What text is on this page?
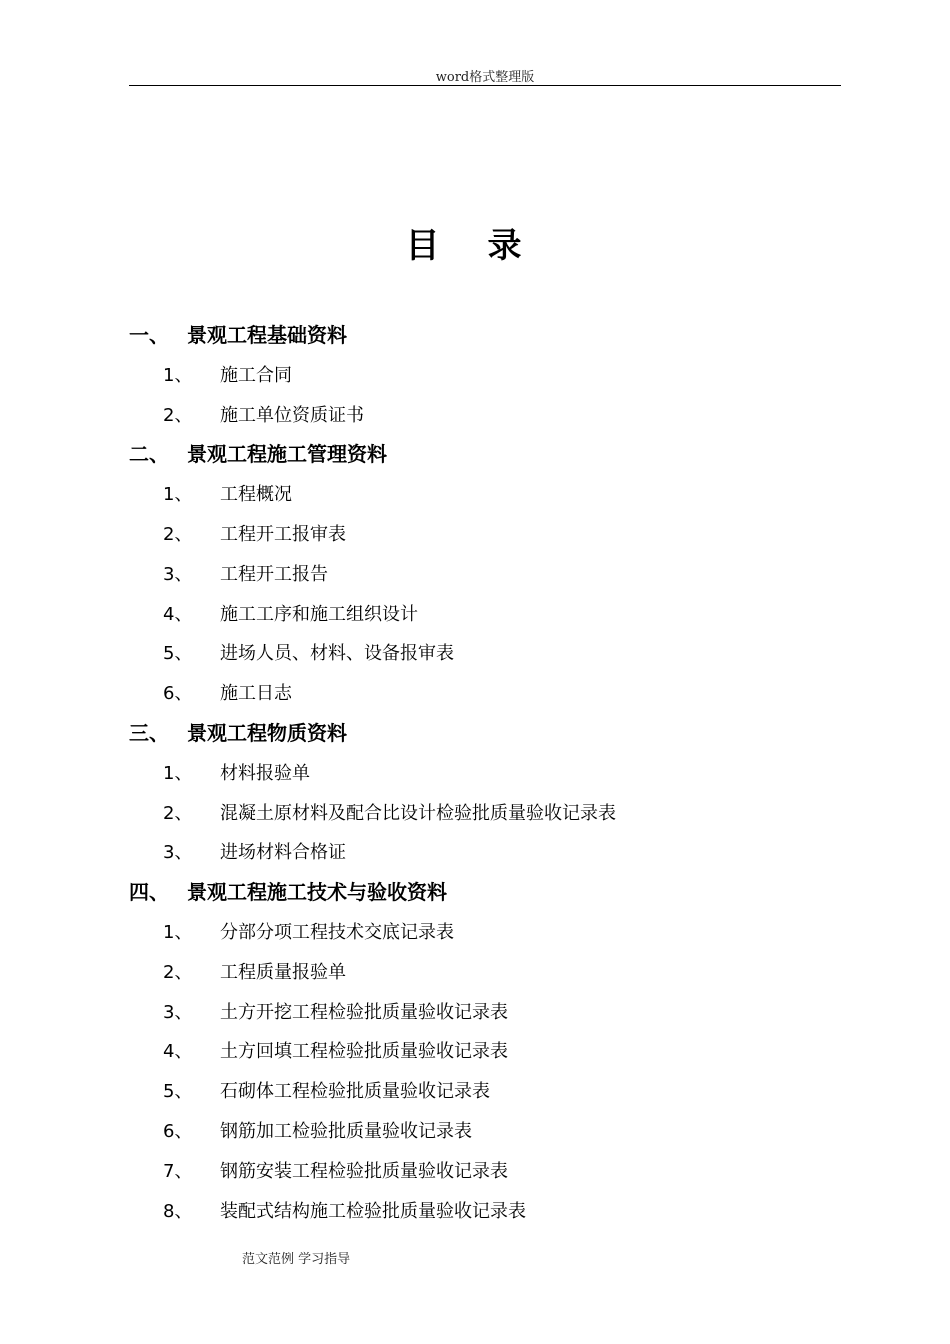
word格式整理版
目录
一、 景观工程基础资料
1、 施工合同
2、 施工单位资质证书
二、 景观工程施工管理资料
1、 工程概况
2、 工程开工报审表
3、 工程开工报告
4、 施工工序和施工组织设计
5、 进场人员、材料、设备报审表
6、 施工日志
三、 景观工程物质资料
1、 材料报验单
2、 混凝土原材料及配合比设计检验批质量验收记录表
3、 进场材料合格证
四、 景观工程施工技术与验收资料
1、 分部分项工程技术交底记录表
2、 工程质量报验单
3、 土方开挖工程检验批质量验收记录表
4、 土方回填工程检验批质量验收记录表
5、 石砌体工程检验批质量验收记录表
6、 钢筋加工检验批质量验收记录表
7、 钢筋安装工程检验批质量验收记录表
8、 装配式结构施工检验批质量验收记录表
范文范例 学习指导
